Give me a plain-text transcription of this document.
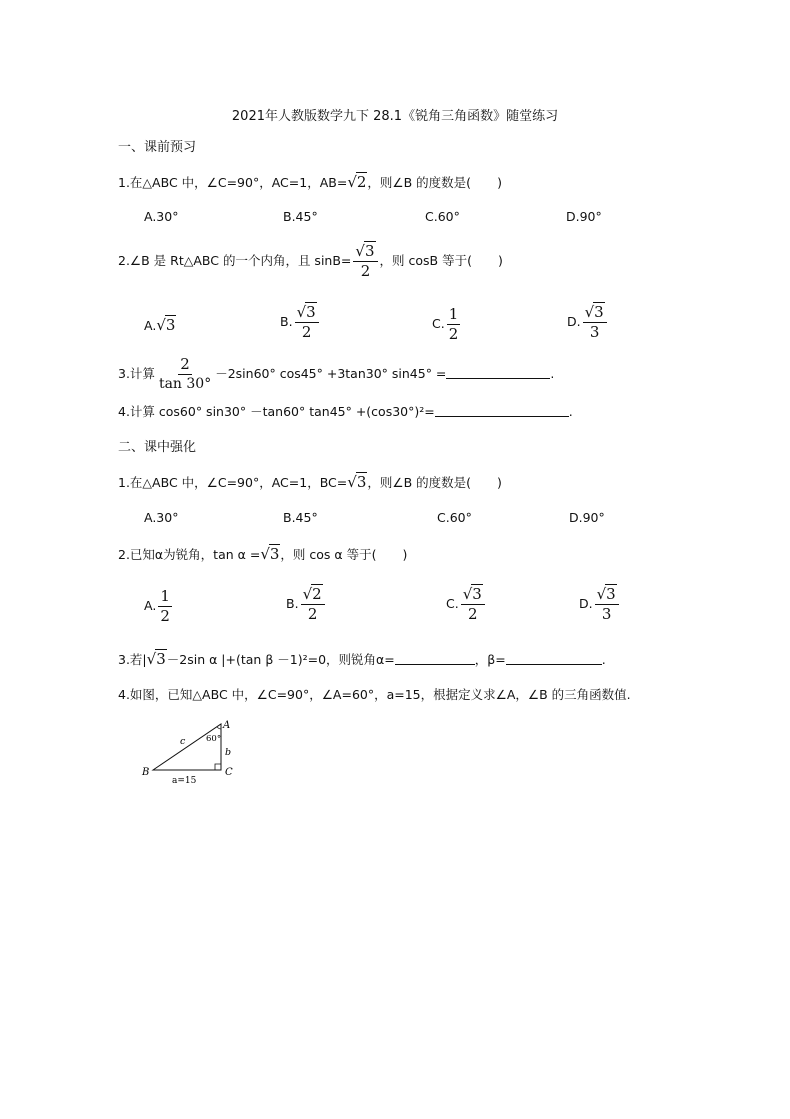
2021年人教版数学九下 28.1《锐角三角函数》随堂练习
一、课前预习
1.在△ABC 中，∠C=90°，AC=1，AB=√2，则∠B 的度数是( )
A.30°	B.45°	C.60°	D.90°
2.∠B 是 Rt△ABC 的一个内角，且 $\sin B= \frac{√3}{2}$ ，则 cosB 等于( )
A.√3	B. $\frac{√3}{2}$	C. $\frac{1}{2}$	D. $\frac{√3}{3}$
3.计算 $\frac{2}{\tan 30^\circ} -2\sin 60^\circ$ cos45° +3tan30° sin45° =	.
4.计算 cos60° sin30° －tan60° tan45° +(cos30°)²=	.
二、课中强化
1.在△ABC 中，∠C=90°，AC=1，BC=√3，则∠B 的度数是( )
A.30°	B.45°	C.60°	D.90°
2.已知α为锐角，tan α =√3，则 cos α 等于( )
A. $\frac{1}{2}$	B. $\frac{√2}{2}$	C. $\frac{√3}{2}$	D. $\frac{√3}{3}$
3.若|√3－2sin α |+(tan β －1)²=0，则锐角α=	，β=	.
4.如图，已知△ABC 中，∠C=90°，∠A=60°，a=15，根据定义求∠A，∠B 的三角函数值.
A
B	C
c
b
a=15
60°
